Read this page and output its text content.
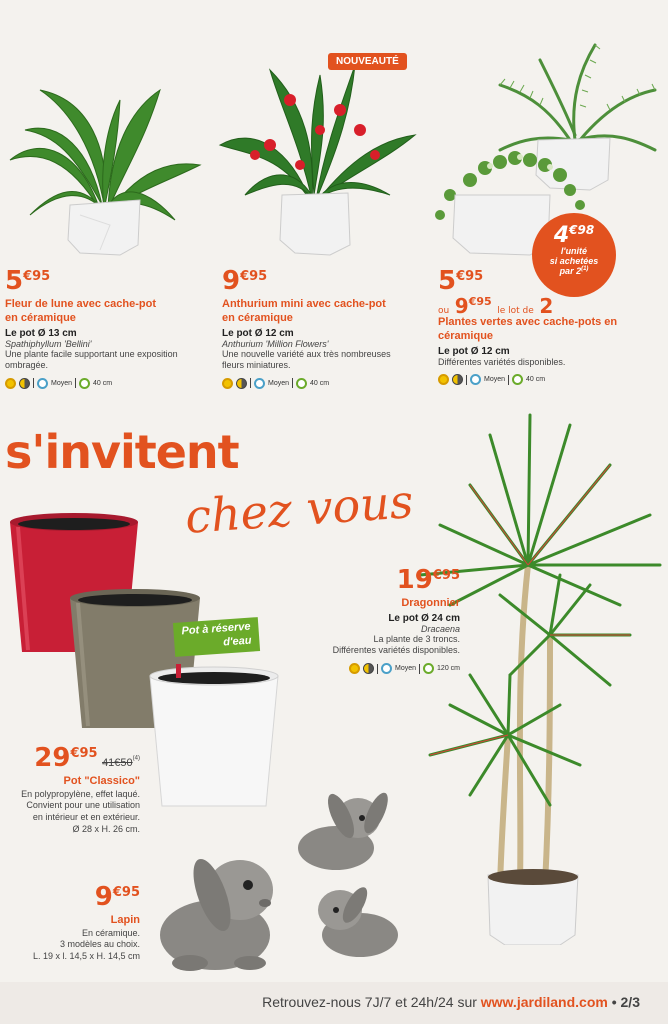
NOUVEAUTÉ
$4^{€98}$
l'unité
si achetées
par 2$^{(1)}$
$5^{€95}$
Fleur de lune avec cache-pot
en céramique
Le pot Ø 13 cm
Spathiphyllum 'Bellini'
Une plante facile supportant une exposition
ombragée.
Moyen	40 cm
$9^{€95}$
Anthurium mini avec cache-pot
en céramique
Le pot Ø 12 cm
Anthurium 'Million Flowers'
Une nouvelle variété aux très nombreuses
fleurs miniatures.
Moyen	40 cm
$5^{€95}$
ou $9^{€95}$ le lot de 2
Plantes vertes avec cache-pots en
céramique
Le pot Ø 12 cm
Différentes variétés disponibles.
Moyen	40 cm
s'invitent
chez vous
$19^{€95}$
Dragonnier
Le pot Ø 24 cm
Dracaena
La plante de 3 troncs.
Différentes variétés disponibles.
Moyen	120 cm
Pot à réserve
d'eau
$29^{€95}$ 41€50$^{(4)}$
Pot "Classico"
En polypropylène, effet laqué.
Convient pour une utilisation
en intérieur et en extérieur.
Ø 28 x H. 26 cm.
$9^{€95}$
Lapin
En céramique.
3 modèles au choix.
L. 19 x l. 14,5 x H. 14,5 cm
Retrouvez-nous 7J/7 et 24h/24 sur www.jardiland.com • 2/3
